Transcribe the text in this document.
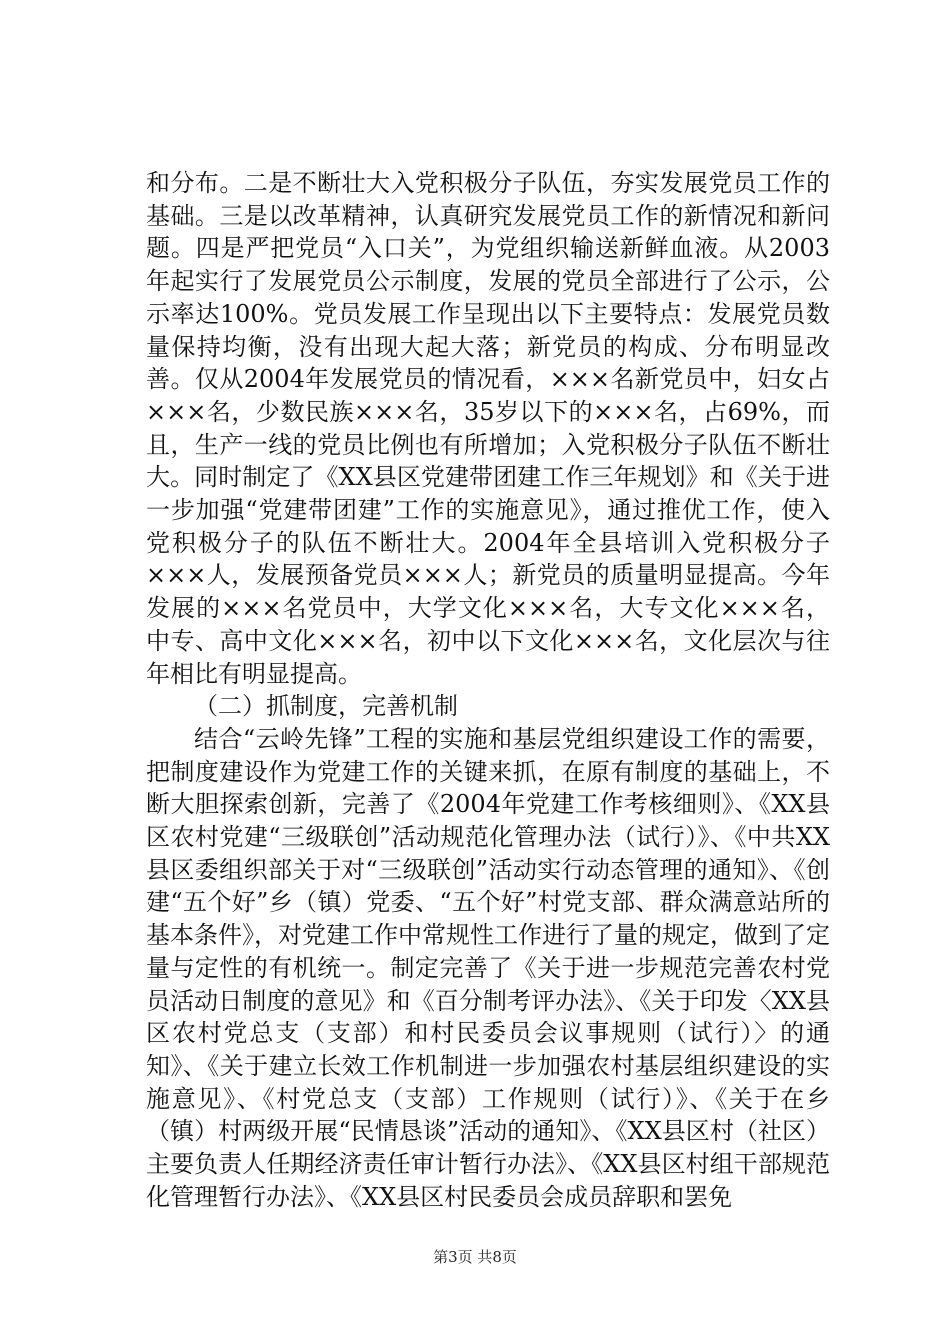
和分布。二是不断壮大入党积极分子队伍，夯实发展党员工作的基础。三是以改革精神，认真研究发展党员工作的新情况和新问题。四是严把党员“入口关”，为党组织输送新鲜血液。从2003年起实行了发展党员公示制度，发展的党员全部进行了公示，公示率达100%。党员发展工作呈现出以下主要特点：发展党员数量保持均衡，没有出现大起大落；新党员的构成、分布明显改善。仅从2004年发展党员的情况看，×××名新党员中，妇女占×××名，少数民族×××名，35岁以下的×××名，占69%，而且，生产一线的党员比例也有所增加；入党积极分子队伍不断壮大。同时制定了《XX县区党建带团建工作三年规划》和《关于进一步加强“党建带团建”工作的实施意见》，通过推优工作，使入党积极分子的队伍不断壮大。2004年全县培训入党积极分子×××人，发展预备党员×××人；新党员的质量明显提高。今年发展的×××名党员中，大学文化×××名，大专文化×××名，中专、高中文化×××名，初中以下文化×××名，文化层次与往年相比有明显提高。

（二）抓制度，完善机制

结合“云岭先锋”工程的实施和基层党组织建设工作的需要，把制度建设作为党建工作的关键来抓，在原有制度的基础上，不断大胆探索创新，完善了《2004年党建工作考核细则》、《XX县区农村党建“三级联创”活动规范化管理办法（试行）》、《中共XX县区委组织部关于对“三级联创”活动实行动态管理的通知》、《创建“五个好”乡（镇）党委、“五个好”村党支部、群众满意站所的基本条件》，对党建工作中常规性工作进行了量的规定，做到了定量与定性的有机统一。制定完善了《关于进一步规范完善农村党员活动日制度的意见》和《百分制考评办法》、《关于印发〈XX县区农村党总支（支部）和村民委员会议事规则（试行）〉的通知》、《关于建立长效工作机制进一步加强农村基层组织建设的实施意见》、《村党总支（支部）工作规则（试行）》、《关于在乡（镇）村两级开展“民情恳谈”活动的通知》、《XX县区村（社区）主要负责人任期经济责任审计暂行办法》、《XX县区村组干部规范化管理暂行办法》、《XX县区村民委员会成员辞职和罢免

第3页 共8页
